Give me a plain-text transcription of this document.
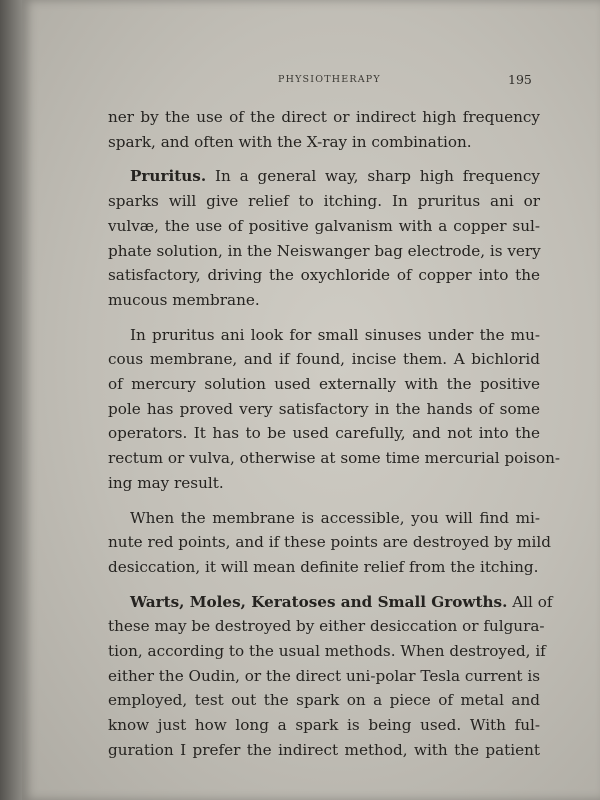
PHYSIOTHERAPY	195

ner by the use of the direct or indirect high frequency
spark, and often with the X-ray in combination.

Pruritus. In a general way, sharp high frequency
sparks will give relief to itching. In pruritus ani or
vulvæ, the use of positive galvanism with a copper sul-
phate solution, in the Neiswanger bag electrode, is very
satisfactory, driving the oxychloride of copper into the
mucous membrane.

In pruritus ani look for small sinuses under the mu-
cous membrane, and if found, incise them. A bichlorid
of mercury solution used externally with the positive
pole has proved very satisfactory in the hands of some
operators. It has to be used carefully, and not into the
rectum or vulva, otherwise at some time mercurial poison-
ing may result.

When the membrane is accessible, you will find mi-
nute red points, and if these points are destroyed by mild
desiccation, it will mean definite relief from the itching.

Warts, Moles, Keratoses and Small Growths. All of
these may be destroyed by either desiccation or fulgura-
tion, according to the usual methods. When destroyed, if
either the Oudin, or the direct uni-polar Tesla current is
employed, test out the spark on a piece of metal and
know just how long a spark is being used. With ful-
guration I prefer the indirect method, with the patient
